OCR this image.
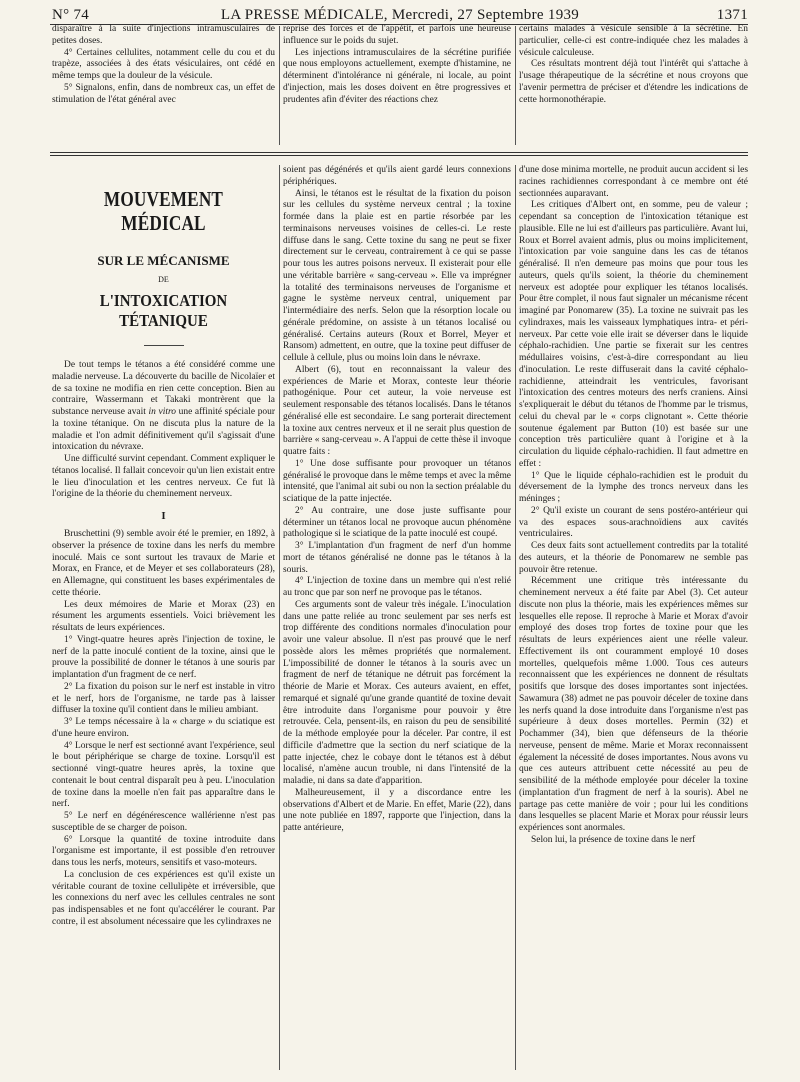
N° 74	LA PRESSE MÉDICALE, Mercredi, 27 Septembre 1939	1371

disparaître à la suite d'injections intramusculaires de petites doses.

4° Certaines cellulites, notamment celle du cou et du trapèze, associées à des états vésiculaires, ont cédé en même temps que la douleur de la vésicule.

5° Signalons, enfin, dans de nombreux cas, un effet de stimulation de l'état général avec

reprise des forces et de l'appétit, et parfois une heureuse influence sur le poids du sujet.

Les injections intramusculaires de la sécrétine purifiée que nous employons actuellement, exempte d'histamine, ne déterminent d'intolérance ni générale, ni locale, au point d'injection, mais les doses doivent en être progressives et prudentes afin d'éviter des réactions chez

certains malades à vésicule sensible à la sécrétine. En particulier, celle-ci est contre-indiquée chez les malades à vésicule calculeuse.

Ces résultats montrent déjà tout l'intérêt qui s'attache à l'usage thérapeutique de la sécrétine et nous croyons que l'avenir permettra de préciser et d'étendre les indications de cette hormonothérapie.

MOUVEMENT MÉDICAL
SUR LE MÉCANISME
DE
L'INTOXICATION TÉTANIQUE

De tout temps le tétanos a été considéré comme une maladie nerveuse. La découverte du bacille de Nicolaïer et de sa toxine ne modifia en rien cette conception. Bien au contraire, Wassermann et Takaki montrèrent que la substance nerveuse avait in vitro une affinité spéciale pour la toxine tétanique. On ne discuta plus la nature de la maladie et l'on admit définitivement qu'il s'agissait d'une intoxication du névraxe.

Une difficulté survint cependant. Comment expliquer le tétanos localisé. Il fallait concevoir qu'un lien existait entre le lieu d'inoculation et les centres nerveux. Ce fut là l'origine de la théorie du cheminement nerveux.

I

Bruschettini (9) semble avoir été le premier, en 1892, à observer la présence de toxine dans les nerfs du membre inoculé. Mais ce sont surtout les travaux de Marie et Morax, en France, et de Meyer et ses collaborateurs (28), en Allemagne, qui constituent les bases expérimentales de cette théorie.

Les deux mémoires de Marie et Morax (23) en résument les arguments essentiels. Voici brièvement les résultats de leurs expériences.

1° Vingt-quatre heures après l'injection de toxine, le nerf de la patte inoculé contient de la toxine, ainsi que le prouve la possibilité de donner le tétanos à une souris par implantation d'un fragment de ce nerf.

2° La fixation du poison sur le nerf est instable in vitro et le nerf, hors de l'organisme, ne tarde pas à laisser diffuser la toxine qu'il contient dans le milieu ambiant.

3° Le temps nécessaire à la « charge » du sciatique est d'une heure environ.

4° Lorsque le nerf est sectionné avant l'expérience, seul le bout périphérique se charge de toxine. Lorsqu'il est sectionné vingt-quatre heures après, la toxine que contenait le bout central disparaît peu à peu. L'inoculation de toxine dans la moelle n'en fait pas apparaître dans le nerf.

5° Le nerf en dégénérescence wallérienne n'est pas susceptible de se charger de poison.

6° Lorsque la quantité de toxine introduite dans l'organisme est importante, il est possible d'en retrouver dans tous les nerfs, moteurs, sensitifs et vaso-moteurs.

La conclusion de ces expériences est qu'il existe un véritable courant de toxine cellulipète et irréversible, que les connexions du nerf avec les cellules centrales ne sont pas indispensables et ne font qu'accélérer le courant. Par contre, il est absolument nécessaire que les cylindraxes ne

soient pas dégénérés et qu'ils aient gardé leurs connexions périphériques.

Ainsi, le tétanos est le résultat de la fixation du poison sur les cellules du système nerveux central ; la toxine formée dans la plaie est en partie résorbée par les terminaisons nerveuses voisines de celles-ci. Le reste diffuse dans le sang. Cette toxine du sang ne peut se fixer directement sur le cerveau, contrairement à ce qui se passe pour tous les autres poisons nerveux. Il existerait pour elle une véritable barrière « sang-cerveau ». Elle va imprégner la totalité des terminaisons nerveuses de l'organisme et gagne le système nerveux central, uniquement par l'intermédiaire des nerfs. Selon que la résorption locale ou générale prédomine, on assiste à un tétanos localisé ou généralisé. Certains auteurs (Roux et Borrel, Meyer et Ransom) admettent, en outre, que la toxine peut diffuser de cellule à cellule, plus ou moins loin dans le névraxe.

Albert (6), tout en reconnaissant la valeur des expériences de Marie et Morax, conteste leur théorie pathogénique. Pour cet auteur, la voie nerveuse est seulement responsable des tétanos localisés. Dans le tétanos généralisé elle est secondaire. Le sang porterait directement la toxine aux centres nerveux et il ne serait plus question de barrière « sang-cerveau ». A l'appui de cette thèse il invoque quatre faits :

1° Une dose suffisante pour provoquer un tétanos généralisé le provoque dans le même temps et avec la même intensité, que l'animal ait subi ou non la section préalable du sciatique de la patte injectée.

2° Au contraire, une dose juste suffisante pour déterminer un tétanos local ne provoque aucun phénomène pathologique si le sciatique de la patte inoculé est coupé.

3° L'implantation d'un fragment de nerf d'un homme mort de tétanos généralisé ne donne pas le tétanos à la souris.

4° L'injection de toxine dans un membre qui n'est relié au tronc que par son nerf ne provoque pas le tétanos.

Ces arguments sont de valeur très inégale. L'inoculation dans une patte reliée au tronc seulement par ses nerfs est trop différente des conditions normales d'inoculation pour avoir une valeur absolue. Il n'est pas prouvé que le nerf possède alors les mêmes propriétés que normalement. L'impossibilité de donner le tétanos à la souris avec un fragment de nerf de tétanique ne détruit pas forcément la théorie de Marie et Morax. Ces auteurs avaient, en effet, remarqué et signalé qu'une grande quantité de toxine devait être introduite dans l'organisme pour pouvoir y être retrouvée. Cela, pensent-ils, en raison du peu de sensibilité de la méthode employée pour la déceler. Par contre, il est difficile d'admettre que la section du nerf sciatique de la patte injectée, chez le cobaye dont le tétanos est à début localisé, n'amène aucun trouble, ni dans l'intensité de la maladie, ni dans sa date d'apparition.

Malheureusement, il y a discordance entre les observations d'Albert et de Marie. En effet, Marie (22), dans une note publiée en 1897, rapporte que l'injection, dans la patte antérieure,

d'une dose minima mortelle, ne produit aucun accident si les racines rachidiennes correspondant à ce membre ont été sectionnées auparavant.

Les critiques d'Albert ont, en somme, peu de valeur ; cependant sa conception de l'intoxication tétanique est plausible. Elle ne lui est d'ailleurs pas particulière. Avant lui, Roux et Borrel avaient admis, plus ou moins implicitement, l'intoxication par voie sanguine dans les cas de tétanos généralisé. Il n'en demeure pas moins que pour tous les auteurs, quels qu'ils soient, la théorie du cheminement nerveux est adoptée pour expliquer les tétanos localisés. Pour être complet, il nous faut signaler un mécanisme récent imaginé par Ponomarew (35). La toxine ne suivrait pas les cylindraxes, mais les vaisseaux lymphatiques intra- et péri-nerveux. Par cette voie elle irait se déverser dans le liquide céphalo-rachidien. Une partie se fixerait sur les centres médullaires voisins, c'est-à-dire correspondant au lieu d'inoculation. Le reste diffuserait dans la cavité céphalo-rachidienne, atteindrait les ventricules, favorisant l'intoxication des centres moteurs des nerfs craniens. Ainsi s'expliquerait le début du tétanos de l'homme par le trismus, celui du cheval par le « corps clignotant ». Cette théorie soutenue également par Button (10) est basée sur une conception très particulière quant à l'origine et à la circulation du liquide céphalo-rachidien. Il faut admettre en effet :

1° Que le liquide céphalo-rachidien est le produit du déversement de la lymphe des troncs nerveux dans les méninges ;

2° Qu'il existe un courant de sens postéro-antérieur qui va des espaces sous-arachnoïdiens aux cavités ventriculaires.

Ces deux faits sont actuellement contredits par la totalité des auteurs, et la théorie de Ponomarew ne semble pas pouvoir être retenue.

Récemment une critique très intéressante du cheminement nerveux a été faite par Abel (3). Cet auteur discute non plus la théorie, mais les expériences mêmes sur lesquelles elle repose. Il reproche à Marie et Morax d'avoir employé des doses trop fortes de toxine pour que les résultats de leurs expériences aient une réelle valeur. Effectivement ils ont couramment employé 10 doses mortelles, quelquefois même 1.000. Tous ces auteurs reconnaissent que les expériences ne donnent de résultats positifs que lorsque des doses importantes sont injectées. Sawamura (38) admet ne pas pouvoir déceler de toxine dans les nerfs quand la dose introduite dans l'organisme n'est pas supérieure à deux doses mortelles. Permin (32) et Pochammer (34), bien que défenseurs de la théorie nerveuse, pensent de même. Marie et Morax reconnaissent également la nécessité de doses importantes. Nous avons vu que ces auteurs attribuent cette nécessité au peu de sensibilité de la méthode employée pour déceler la toxine (implantation d'un fragment de nerf à la souris). Abel ne partage pas cette manière de voir ; pour lui les conditions dans lesquelles se placent Marie et Morax pour réussir leurs expériences sont anormales.

Selon lui, la présence de toxine dans le nerf
